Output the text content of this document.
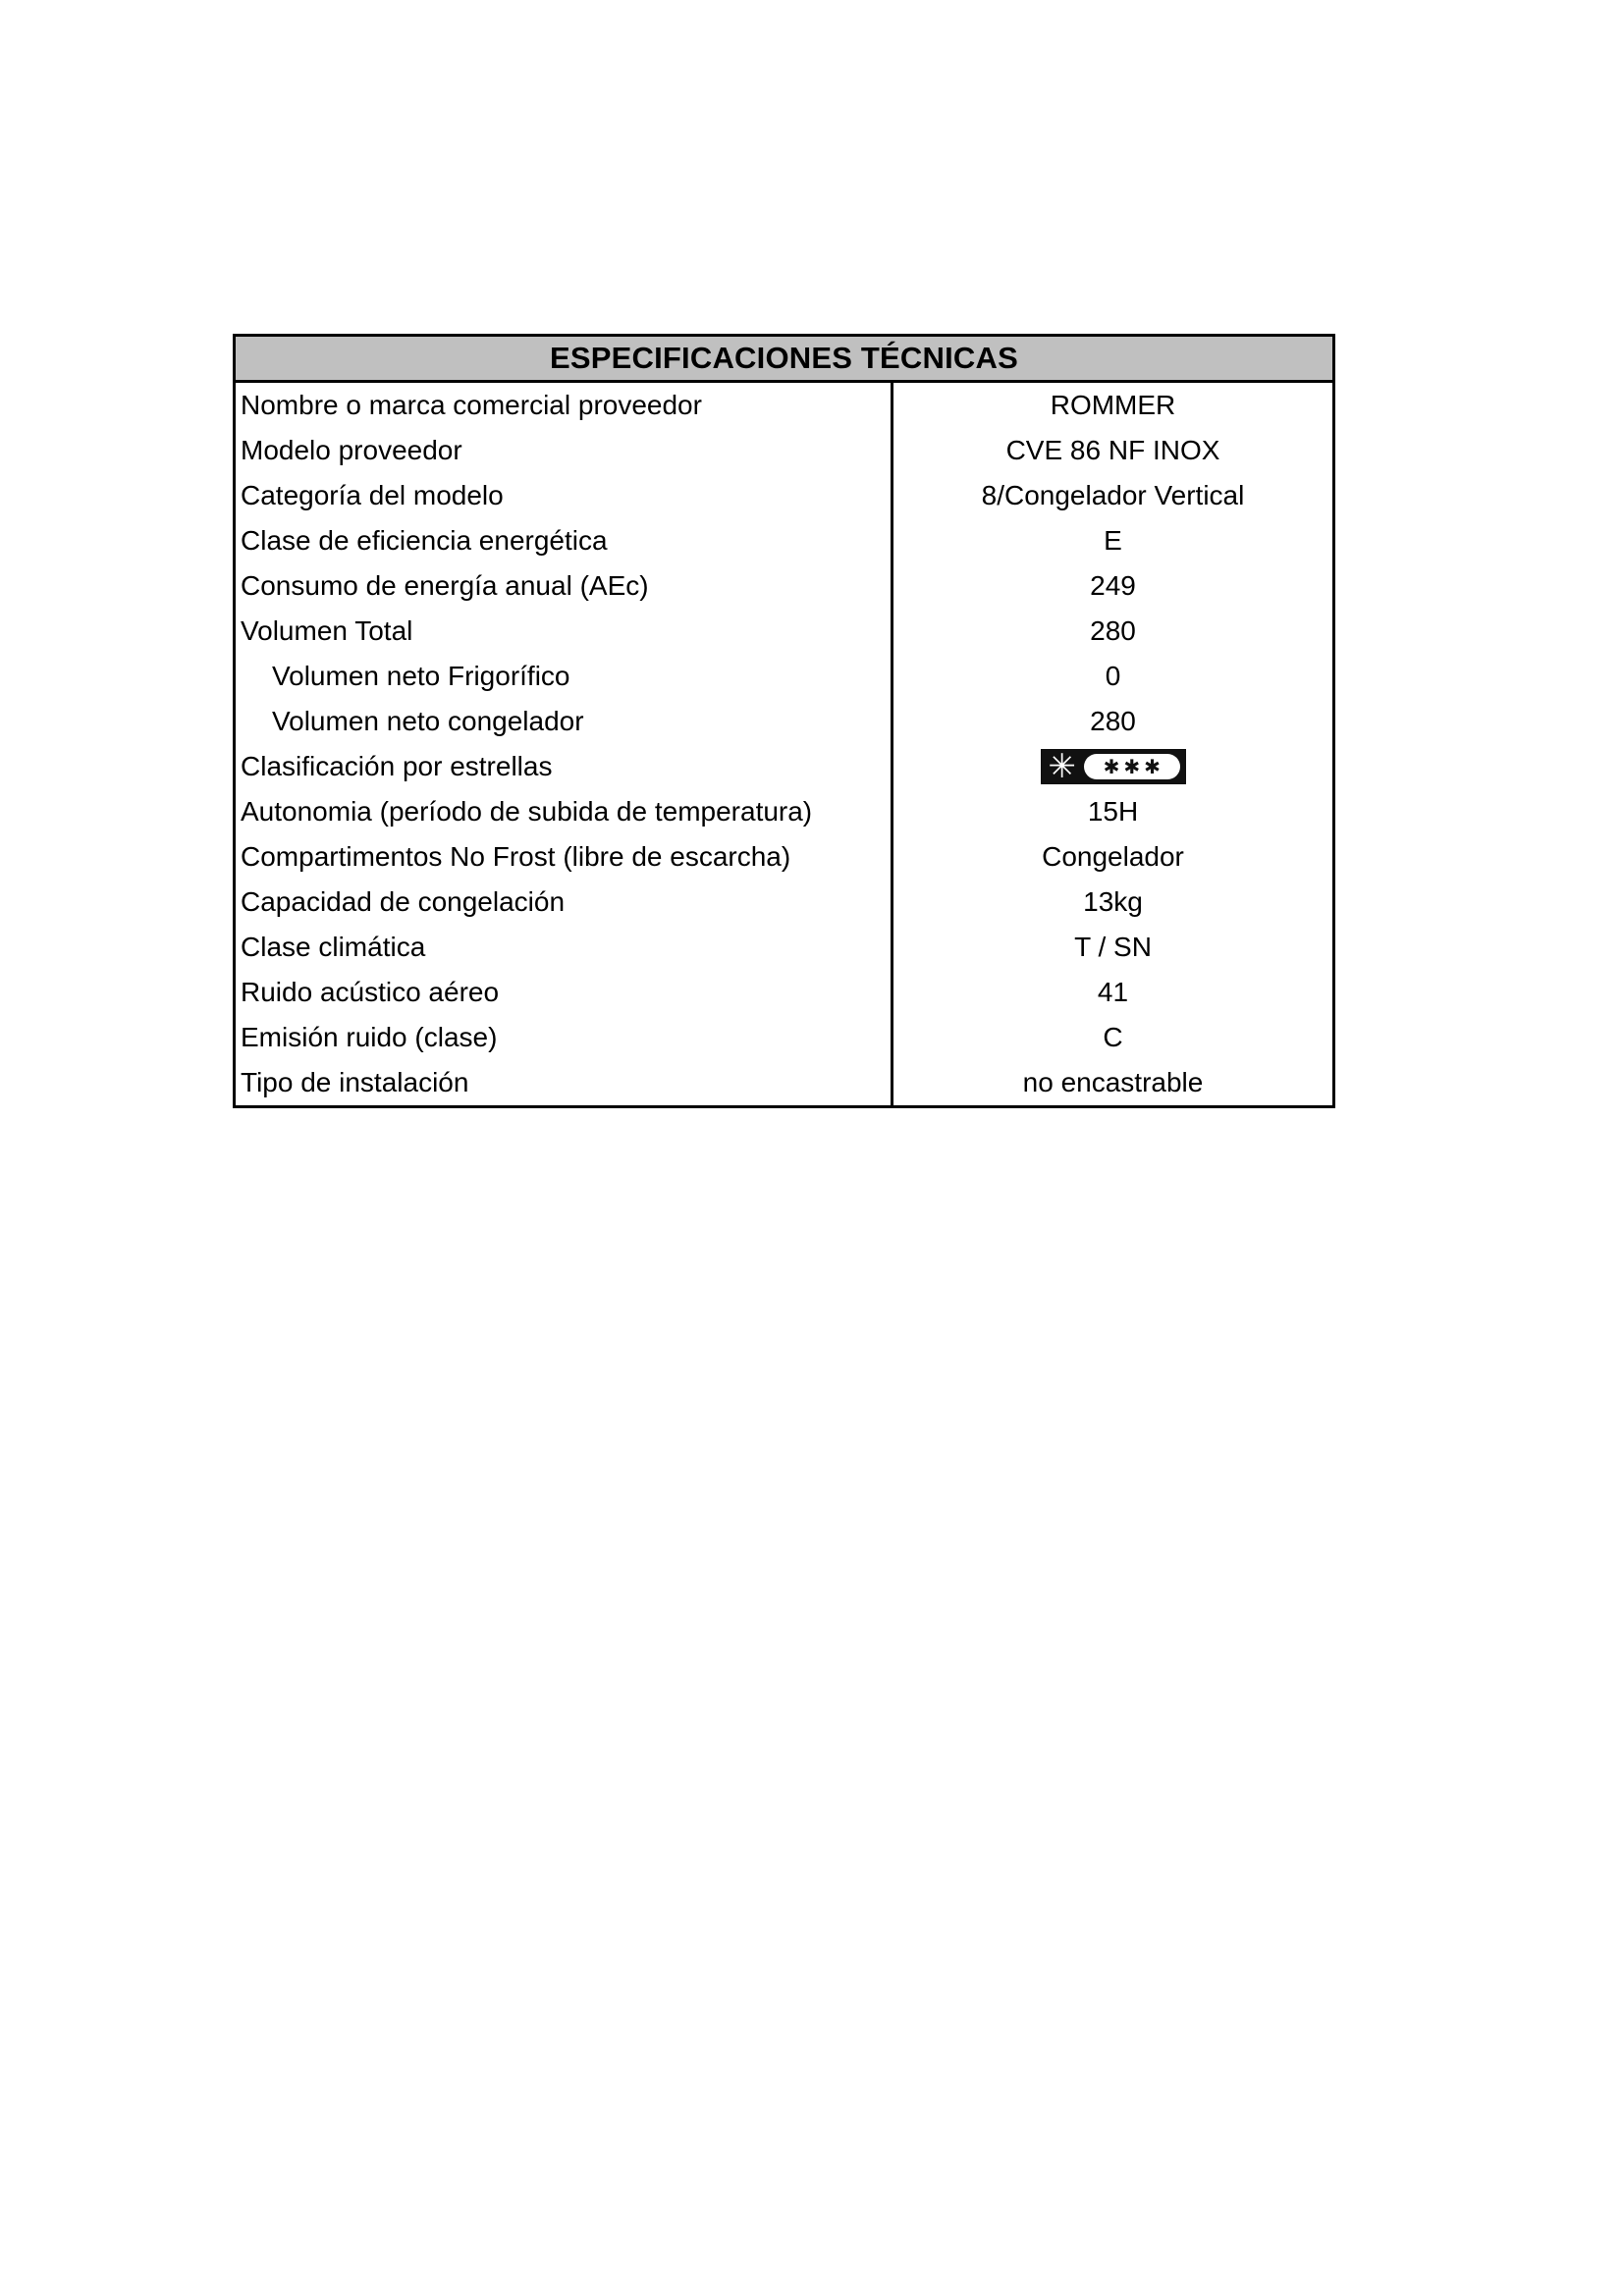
ESPECIFICACIONES TÉCNICAS
Nombre o marca comercial proveedor	ROMMER
Modelo proveedor	CVE 86 NF INOX
Categoría del modelo	8/Congelador Vertical
Clase de eficiencia energética	E
Consumo de energía anual (AEc)	249
Volumen Total	280
Volumen neto Frigorífico	0
Volumen neto congelador	280
Clasificación por estrellas	✳ ✱ ✱ ✱
Autonomia (período de subida de temperatura)	15H
Compartimentos No Frost (libre de escarcha)	Congelador
Capacidad de congelación	13kg
Clase climática	T / SN
Ruido acústico aéreo	41
Emisión ruido (clase)	C
Tipo de instalación	no encastrable
